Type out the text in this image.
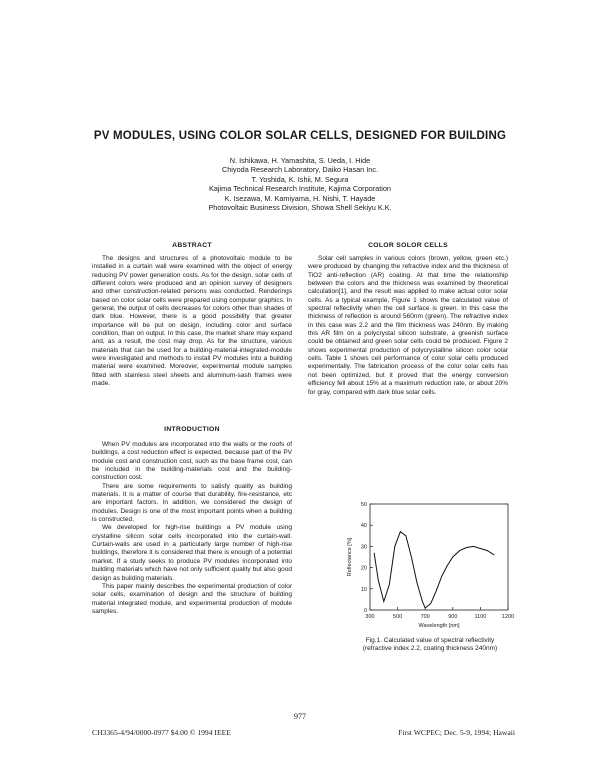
PV MODULES, USING COLOR SOLAR CELLS, DESIGNED FOR BUILDING
N. Ishikawa, H. Yamashita, S. Ueda, I. Hide
Chiyoda Research Laboratory, Daiko Hasan Inc.
T. Yoshida, K. Ishii, M. Segura
Kajima Technical Research Institute, Kajima Corporation
K. Isezawa, M. Kamiyama, H. Nishi, T. Hayade
Photovoltaic Business Division, Showa Shell Sekiyu K.K.
ABSTRACT

The designs and structures of a photovoltaic module to be installed in a curtain wall were examined with the object of energy reducing PV power generation costs. As for the design, solar cells of different colors were produced and an opinion survey of designers and other construction-related persons was conducted. Renderings based on color solar cells were prepared using computer graphics. In general, the output of cells decreases for colors other than shades of dark blue. However, there is a good possibility that greater importance will be put on design, including color and surface condition, than on output. In this case, the market share may expand and, as a result, the cost may drop. As for the structure, various materials that can be used for a building-material-integrated-module were investigated and methods to install PV modules into a building material were examined. Moreover, experimental module samples fitted with stainless steel sheets and aluminum-sash frames were made.

INTRODUCTION

When PV modules are incorporated into the walls or the roofs of buildings, a cost reduction effect is expected, because part of the PV module cost and construction cost, such as the base frame cost, can be included in the building-materials cost and the building-construction cost.

There are some requirements to satisfy quality as building materials. It is a matter of course that durability, fire-resistance, etc are important factors. In addition, we considered the design of modules. Design is one of the most important points when a building is constructed.

We developed for high-rise buildings a PV module using crystalline silicon solar cells incorporated into the curtain-wall. Curtain-walls are used in a particularly large number of high-rise buildings, therefore it is considered that there is enough of a potential market. If a study seeks to produce PV modules incorporated into building materials which have not only sufficient quality but also good design as building materials.

This paper mainly describes the experimental production of color solar cells, examination of design and the structure of building material integrated module, and experimental production of module samples.

COLOR SOLOR CELLS

Solar cell samples in various colors (brown, yellow, green etc.) were produced by changing the refractive index and the thickness of TiO2 anti-reflection (AR) coating. At that time the relationship between the colors and the thickness was examined by theoretical calculation[1], and the result was applied to make actual color solar cells. As a typical example, Figure 1 shows the calculated value of spectral reflectivity when the cell surface is green. In this case the thickness of reflection is around 560nm (green). The refractive index in this case was 2.2 and the film thickness was 240nm. By making this AR film on a polycrystal silicon substrate, a greenish surface could be obtained and green solar cells could be produced. Figure 2 shows experimental production of polycrystalline silicon color solar cells. Table 1 shows cell performance of color solar cells produced experimentally. The fabrication process of the color solar cells has not been optimized, but it proved that the energy conversion efficiency fell about 15% at a maximum reduction rate, or about 20% for gray, compared with dark blue solar cells.

0
10
20
30
40
50
300	500	700	900	1100	1200
Wavelength [nm]
Reflectance [%]
Fig.1. Calculated value of spectral reflectivity
(refractive index 2.2, coating thickness 240nm)
977
CH3365-4/94/0000-0977 $4.00 © 1994 IEEE	First WCPEC; Dec. 5-9, 1994; Hawaii
